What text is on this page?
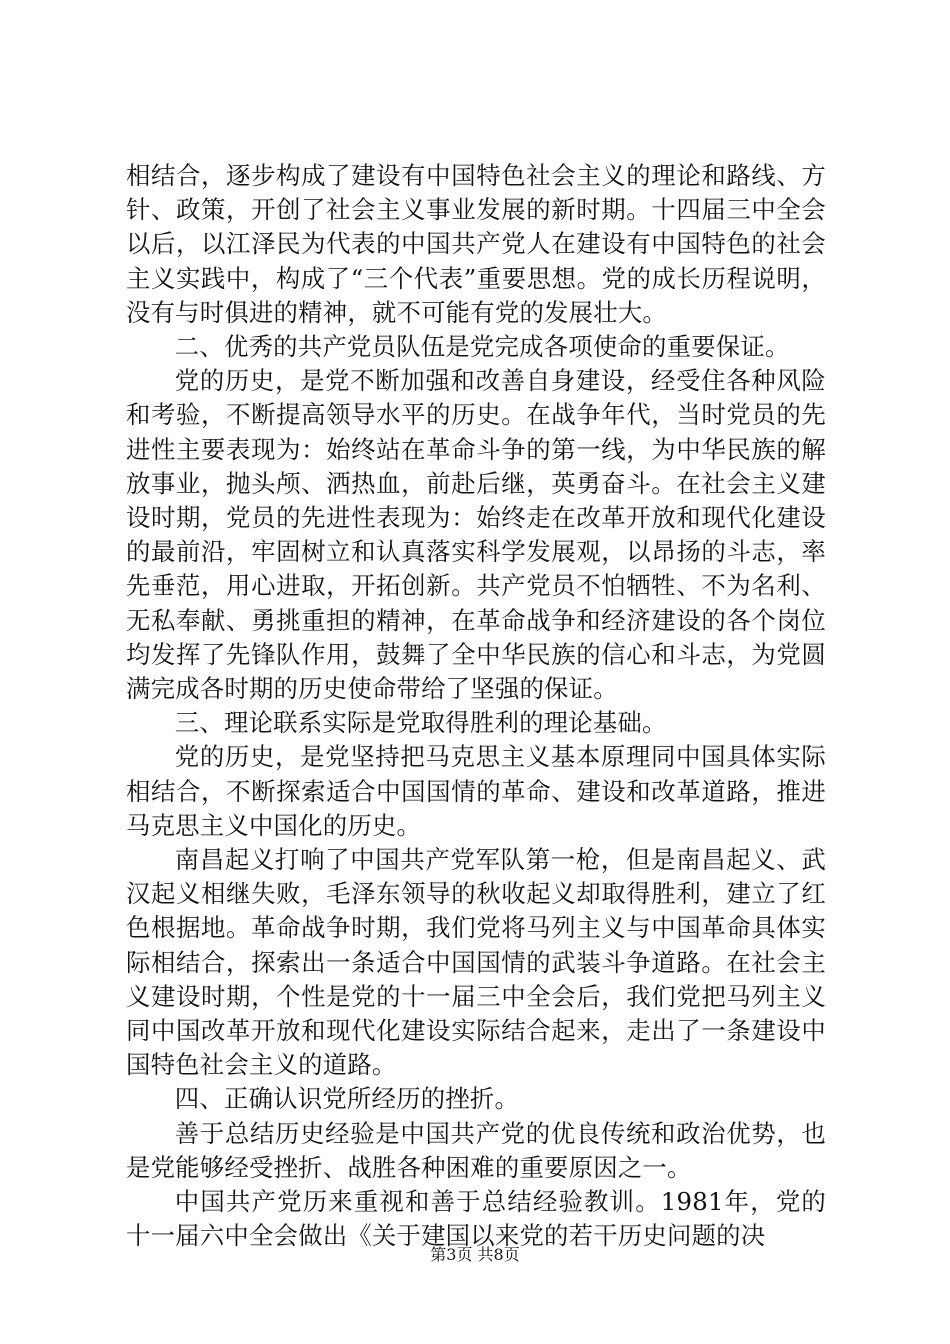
相结合，逐步构成了建设有中国特色社会主义的理论和路线、方针、政策，开创了社会主义事业发展的新时期。十四届三中全会以后，以江泽民为代表的中国共产党人在建设有中国特色的社会主义实践中，构成了“三个代表”重要思想。党的成长历程说明，没有与时俱进的精神，就不可能有党的发展壮大。

二、优秀的共产党员队伍是党完成各项使命的重要保证。

党的历史，是党不断加强和改善自身建设，经受住各种风险和考验，不断提高领导水平的历史。在战争年代，当时党员的先进性主要表现为：始终站在革命斗争的第一线，为中华民族的解放事业，抛头颅、洒热血，前赴后继，英勇奋斗。在社会主义建设时期，党员的先进性表现为：始终走在改革开放和现代化建设的最前沿，牢固树立和认真落实科学发展观，以昂扬的斗志，率先垂范，用心进取，开拓创新。共产党员不怕牺牲、不为名利、无私奉献、勇挑重担的精神，在革命战争和经济建设的各个岗位均发挥了先锋队作用，鼓舞了全中华民族的信心和斗志，为党圆满完成各时期的历史使命带给了坚强的保证。

三、理论联系实际是党取得胜利的理论基础。

党的历史，是党坚持把马克思主义基本原理同中国具体实际相结合，不断探索适合中国国情的革命、建设和改革道路，推进马克思主义中国化的历史。

南昌起义打响了中国共产党军队第一枪，但是南昌起义、武汉起义相继失败，毛泽东领导的秋收起义却取得胜利，建立了红色根据地。革命战争时期，我们党将马列主义与中国革命具体实际相结合，探索出一条适合中国国情的武装斗争道路。在社会主义建设时期，个性是党的十一届三中全会后，我们党把马列主义同中国改革开放和现代化建设实际结合起来，走出了一条建设中国特色社会主义的道路。

四、正确认识党所经历的挫折。

善于总结历史经验是中国共产党的优良传统和政治优势，也是党能够经受挫折、战胜各种困难的重要原因之一。

中国共产党历来重视和善于总结经验教训。1981年，党的十一届六中全会做出《关于建国以来党的若干历史问题的决

第3页 共8页
